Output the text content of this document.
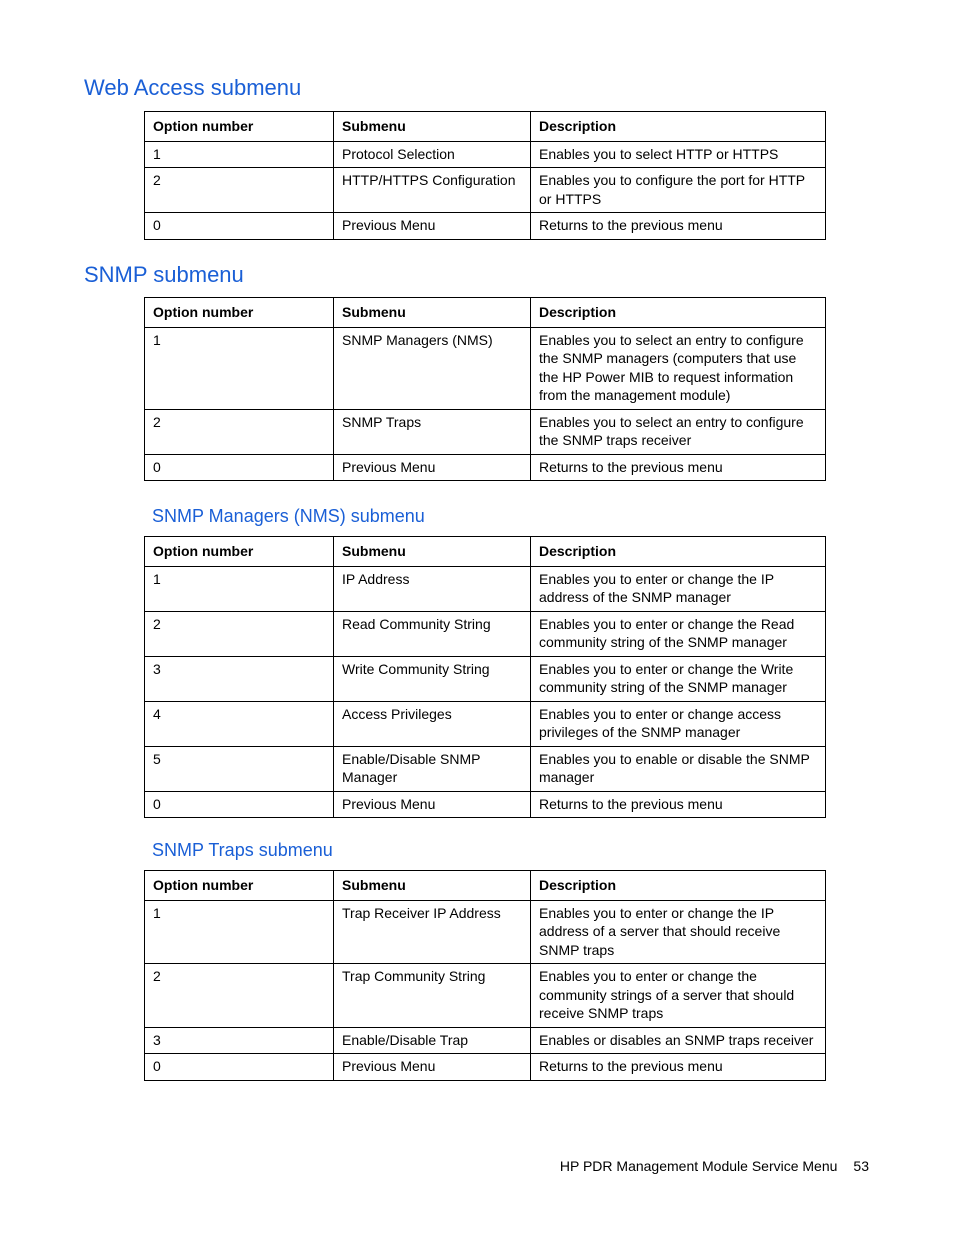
Web Access submenu
Option number	Submenu	Description
1	Protocol Selection	Enables you to select HTTP or HTTPS
2	HTTP/HTTPS Configuration	Enables you to configure the port for HTTP or HTTPS
0	Previous Menu	Returns to the previous menu
SNMP submenu
Option number	Submenu	Description
1	SNMP Managers (NMS)	Enables you to select an entry to configure the SNMP managers (computers that use the HP Power MIB to request information from the management module)
2	SNMP Traps	Enables you to select an entry to configure the SNMP traps receiver
0	Previous Menu	Returns to the previous menu
SNMP Managers (NMS) submenu
Option number	Submenu	Description
1	IP Address	Enables you to enter or change the IP address of the SNMP manager
2	Read Community String	Enables you to enter or change the Read community string of the SNMP manager
3	Write Community String	Enables you to enter or change the Write community string of the SNMP manager
4	Access Privileges	Enables you to enter or change access privileges of the SNMP manager
5	Enable/Disable SNMP Manager	Enables you to enable or disable the SNMP manager
0	Previous Menu	Returns to the previous menu
SNMP Traps submenu
Option number	Submenu	Description
1	Trap Receiver IP Address	Enables you to enter or change the IP address of a server that should receive SNMP traps
2	Trap Community String	Enables you to enter or change the community strings of a server that should receive SNMP traps
3	Enable/Disable Trap	Enables or disables an SNMP traps receiver
0	Previous Menu	Returns to the previous menu
HP PDR Management Module Service Menu 53
